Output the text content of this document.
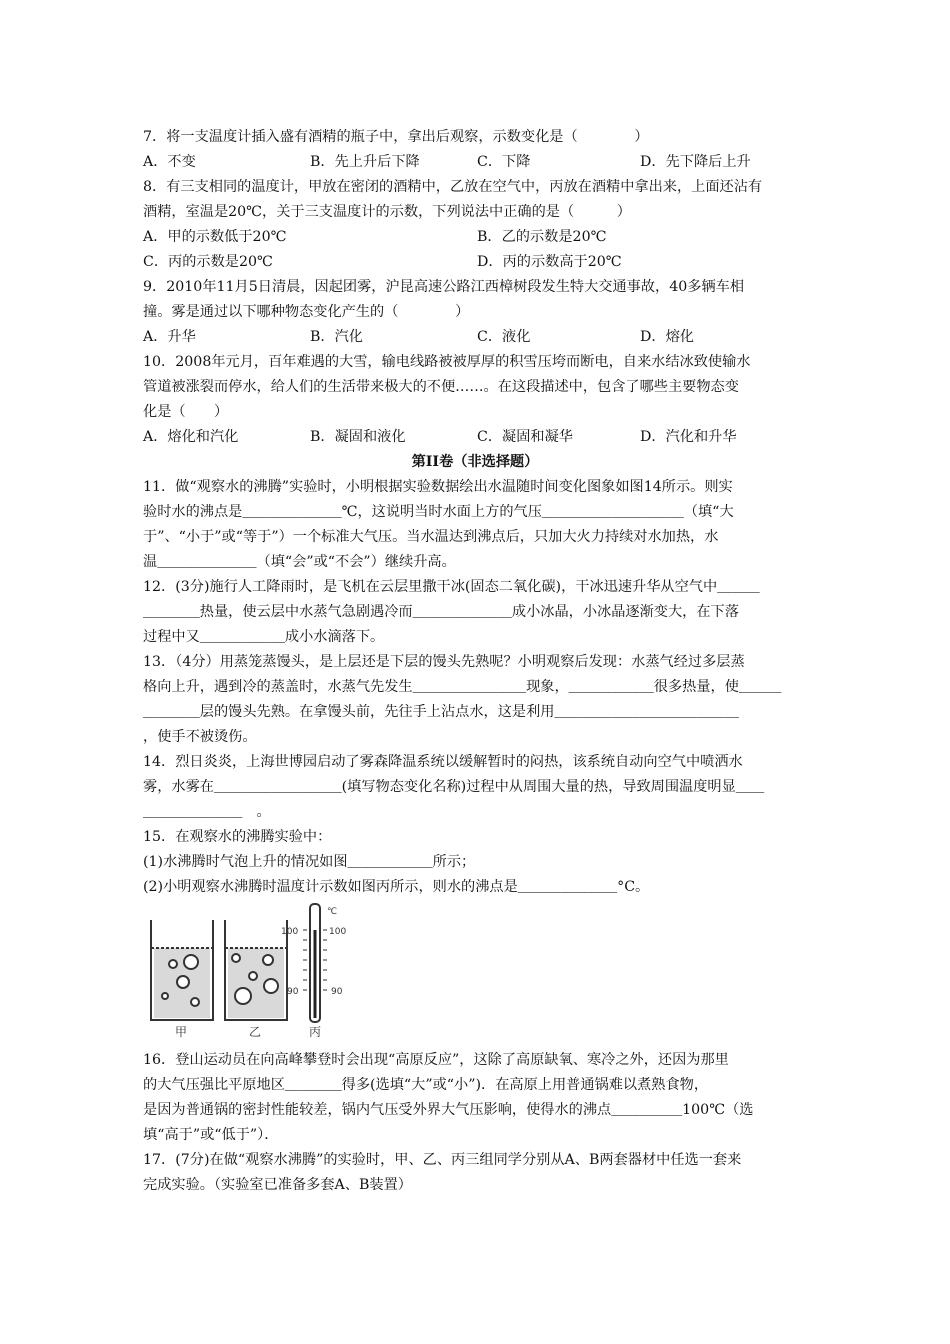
7．将一支温度计插入盛有酒精的瓶子中，拿出后观察，示数变化是（　　　　）
A．不变	B．先上升后下降	C．下降	D．先下降后上升
8．有三支相同的温度计，甲放在密闭的酒精中，乙放在空气中，丙放在酒精中拿出来，上面还沾有
酒精，室温是20℃，关于三支温度计的示数，下列说法中正确的是（　　　）
A．甲的示数低于20℃	B．乙的示数是20℃
C．丙的示数是20℃	D．丙的示数高于20℃
9．2010年11月5日清晨，因起团雾，沪昆高速公路江西樟树段发生特大交通事故，40多辆车相
撞。雾是通过以下哪种物态变化产生的（　　　　）
A．升华	B．汽化	C．液化	D．熔化
10．2008年元月，百年难遇的大雪，输电线路被被厚厚的积雪压垮而断电，自来水结冰致使输水
管道被涨裂而停水，给人们的生活带来极大的不便……。在这段描述中，包含了哪些主要物态变
化是（　　）
A．熔化和汽化	B．凝固和液化	C．凝固和凝华	D．汽化和升华
第II卷（非选择题）
11．做“观察水的沸腾”实验时，小明根据实验数据绘出水温随时间变化图象如图14所示。则实
验时水的沸点是＿＿＿＿＿＿＿℃，这说明当时水面上方的气压＿＿＿＿＿＿＿＿＿＿（填“大
于”、“小于”或“等于”）一个标准大气压。当水温达到沸点后，只加大火力持续对水加热，水
温＿＿＿＿＿＿＿（填“会”或“不会”）继续升高。
12．(3分)施行人工降雨时，是飞机在云层里撒干冰(固态二氧化碳)，干冰迅速升华从空气中＿＿＿
＿＿＿＿热量，使云层中水蒸气急剧遇冷而＿＿＿＿＿＿＿成小冰晶，小冰晶逐渐变大，在下落
过程中又＿＿＿＿＿＿成小水滴落下。
13．（4分）用蒸笼蒸馒头，是上层还是下层的馒头先熟呢？小明观察后发现：水蒸气经过多层蒸
格向上升，遇到冷的蒸盖时，水蒸气先发生＿＿＿＿＿＿＿＿现象，＿＿＿＿＿＿很多热量，使＿＿＿
＿＿＿＿层的馒头先熟。在拿馒头前，先往手上沾点水，这是利用＿＿＿＿＿＿＿＿＿＿＿＿＿
，使手不被烫伤。
14．烈日炎炎，上海世博园启动了雾森降温系统以缓解暂时的闷热，该系统自动向空气中喷洒水
雾，水雾在＿＿＿＿＿＿＿＿＿(填写物态变化名称)过程中从周围大量的热，导致周围温度明显＿＿
＿＿＿＿＿＿＿　。
15．在观察水的沸腾实验中：
(1)水沸腾时气泡上升的情况如图＿＿＿＿＿＿所示；
(2)小明观察水沸腾时温度计示数如图丙所示，则水的沸点是＿＿＿＿＿＿＿°C。
℃
100	100
90	90
甲	乙	丙
16．登山运动员在向高峰攀登时会出现“高原反应”，这除了高原缺氧、寒冷之外，还因为那里
的大气压强比平原地区＿＿＿＿得多(选填“大”或“小”)．在高原上用普通锅难以煮熟食物，
是因为普通锅的密封性能较差，锅内气压受外界大气压影响，使得水的沸点＿＿＿＿＿100℃（选
填“高于”或“低于”）．
17．(7分)在做“观察水沸腾”的实验时，甲、乙、丙三组同学分别从A、B两套器材中任选一套来
完成实验。（实验室已准备多套A、B装置）
